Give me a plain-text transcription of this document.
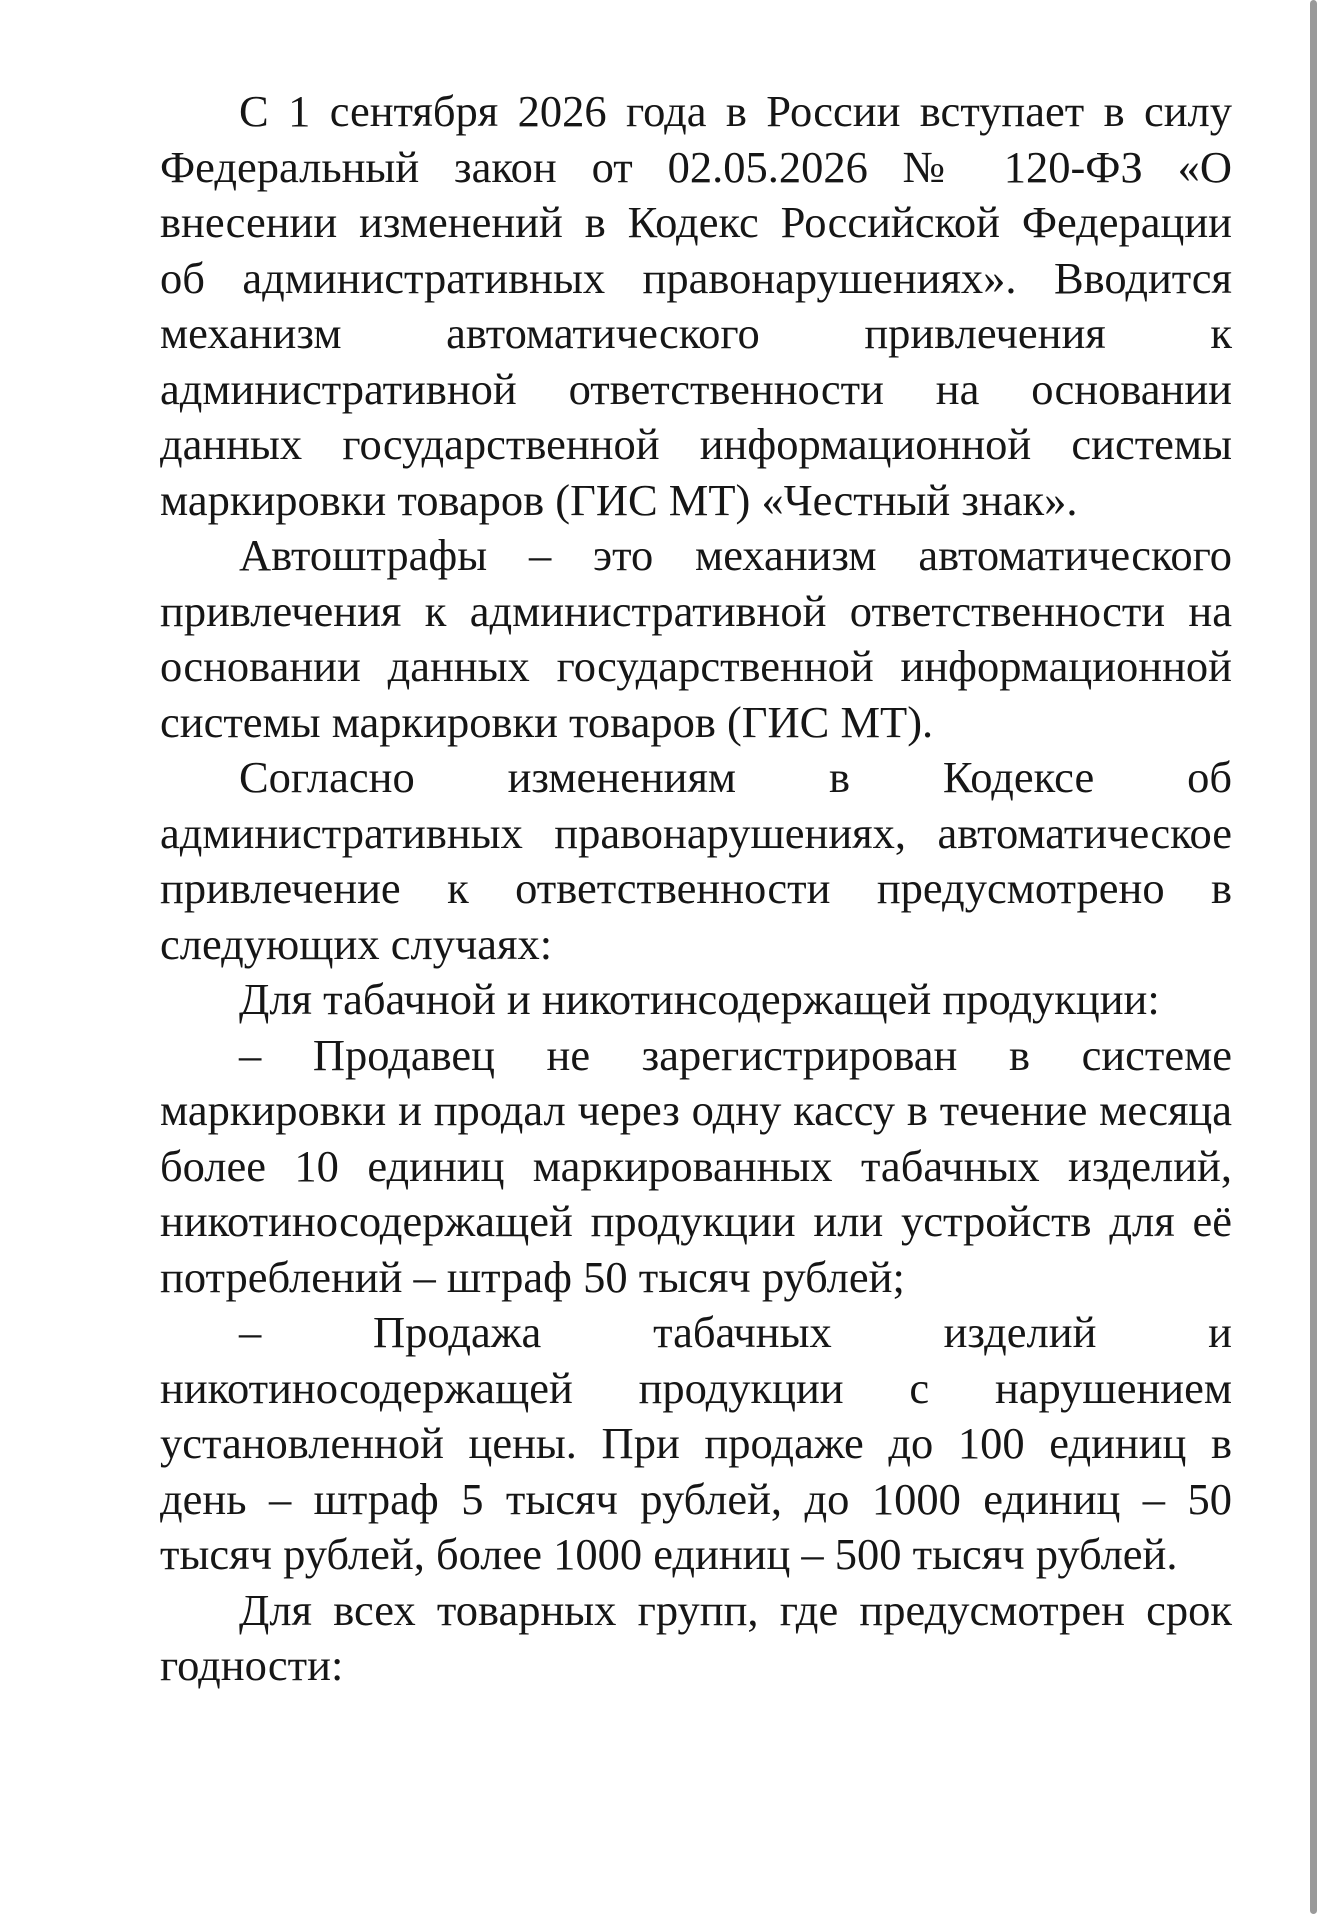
С 1 сентября 2026 года в России вступает в силу Федеральный закон от 02.05.2026 № 120-ФЗ «О внесении изменений в Кодекс Российской Федерации об административных правонарушениях». Вводится механизм автоматического привлечения к административной ответственности на основании данных государственной информационной системы маркировки товаров (ГИС МТ) «Честный знак».

Автоштрафы – это механизм автоматического привлечения к административной ответственности на основании данных государственной информационной системы маркировки товаров (ГИС МТ).

Согласно изменениям в Кодексе об административных правонарушениях, автоматическое привлечение к ответственности предусмотрено в следующих случаях:

Для табачной и никотинсодержащей продукции:

– Продавец не зарегистрирован в системе маркировки и продал через одну кассу в течение месяца более 10 единиц маркированных табачных изделий, никотиносодержащей продукции или устройств для её потреблений – штраф 50 тысяч рублей;

– Продажа табачных изделий и никотиносодержащей продукции с нарушением установленной цены. При продаже до 100 единиц в день – штраф 5 тысяч рублей, до 1000 единиц – 50 тысяч рублей, более 1000 единиц – 500 тысяч рублей.

Для всех товарных групп, где предусмотрен срок годности:
